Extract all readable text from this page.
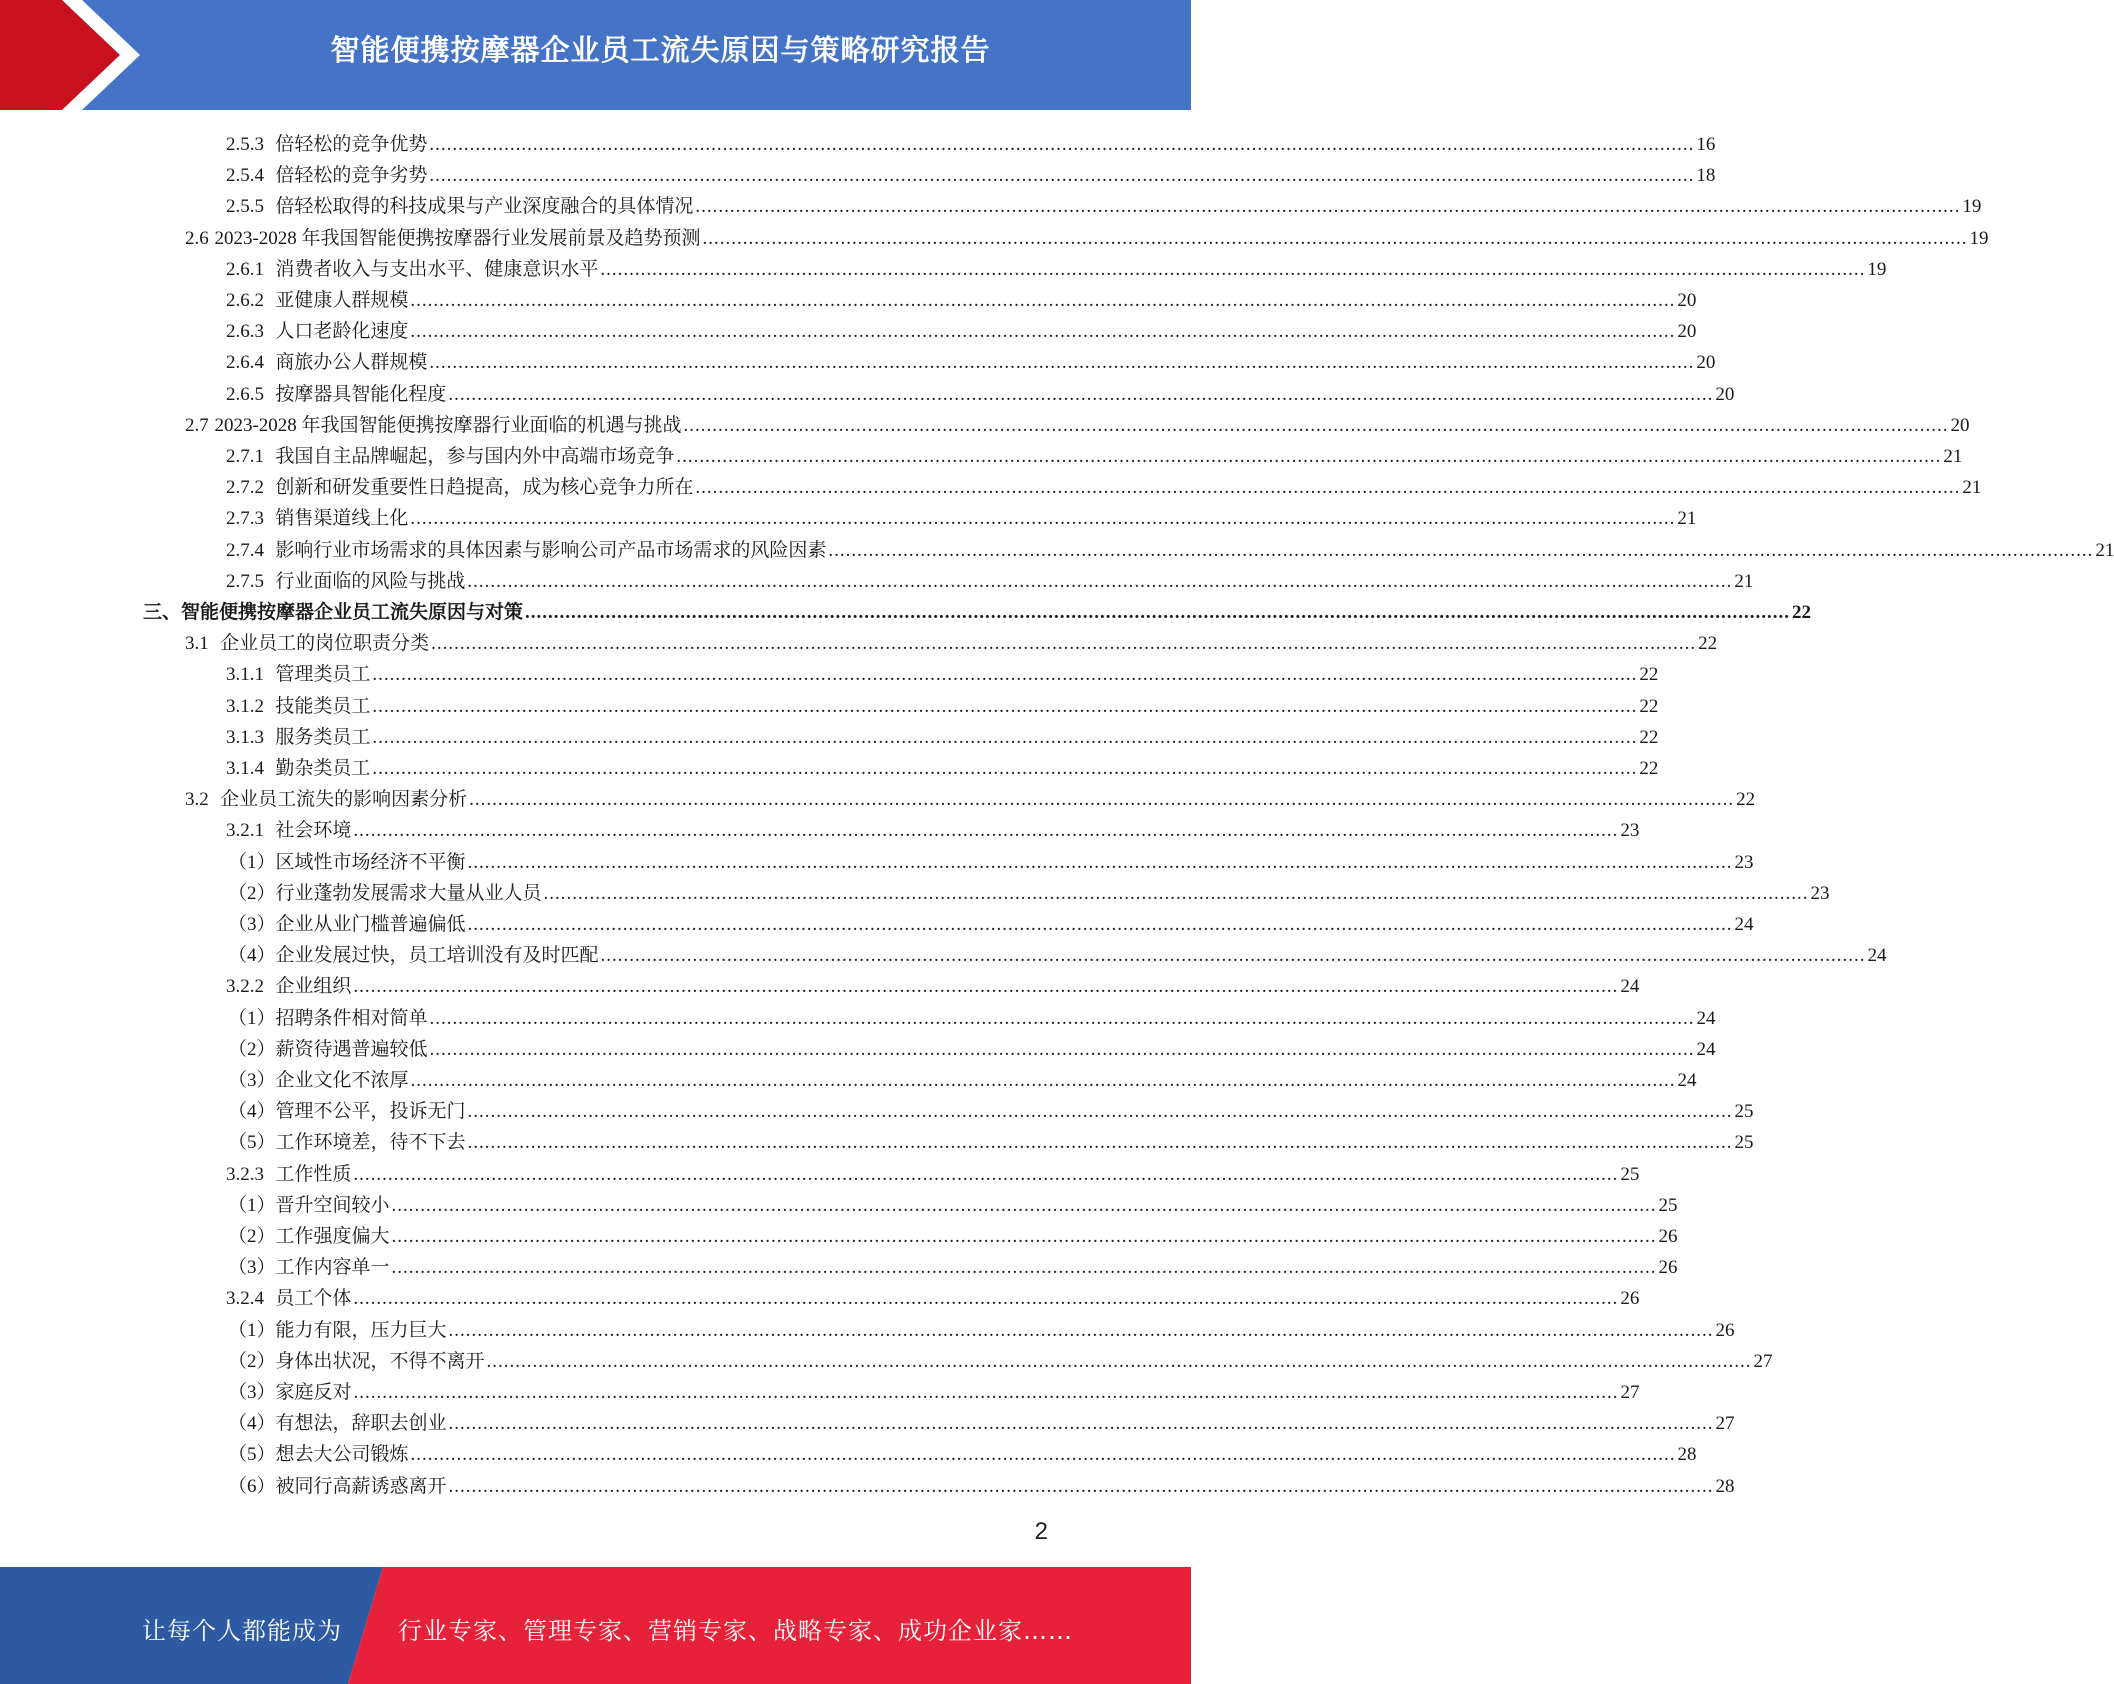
智能便携按摩器企业员工流失原因与策略研究报告
2.5.3 倍轻松的竞争优势 ............................................................................................................................................................................................................................ 16
2.5.4 倍轻松的竞争劣势 ............................................................................................................................................................................................................................ 18
2.5.5 倍轻松取得的科技成果与产业深度融合的具体情况 ............................................................................................................................................................................................................................ 19
2.6 2023-2028 年我国智能便携按摩器行业发展前景及趋势预测 ............................................................................................................................................................................................................................ 19
2.6.1 消费者收入与支出水平、健康意识水平 ............................................................................................................................................................................................................................ 19
2.6.2 亚健康人群规模 ............................................................................................................................................................................................................................ 20
2.6.3 人口老龄化速度 ............................................................................................................................................................................................................................ 20
2.6.4 商旅办公人群规模 ............................................................................................................................................................................................................................ 20
2.6.5 按摩器具智能化程度 ............................................................................................................................................................................................................................ 20
2.7 2023-2028 年我国智能便携按摩器行业面临的机遇与挑战 ............................................................................................................................................................................................................................ 20
2.7.1 我国自主品牌崛起，参与国内外中高端市场竞争 ............................................................................................................................................................................................................................ 21
2.7.2 创新和研发重要性日趋提高，成为核心竞争力所在 ............................................................................................................................................................................................................................ 21
2.7.3 销售渠道线上化 ............................................................................................................................................................................................................................ 21
2.7.4 影响行业市场需求的具体因素与影响公司产品市场需求的风险因素 ............................................................................................................................................................................................................................ 21
2.7.5 行业面临的风险与挑战 ............................................................................................................................................................................................................................ 21
三、 智能便携按摩器企业员工流失原因与对策 ............................................................................................................................................................................................................................ 22
3.1 企业员工的岗位职责分类 ............................................................................................................................................................................................................................ 22
3.1.1 管理类员工 ............................................................................................................................................................................................................................ 22
3.1.2 技能类员工 ............................................................................................................................................................................................................................ 22
3.1.3 服务类员工 ............................................................................................................................................................................................................................ 22
3.1.4 勤杂类员工 ............................................................................................................................................................................................................................ 22
3.2 企业员工流失的影响因素分析 ............................................................................................................................................................................................................................ 22
3.2.1 社会环境 ............................................................................................................................................................................................................................ 23
（1） 区域性市场经济不平衡 ............................................................................................................................................................................................................................ 23
（2） 行业蓬勃发展需求大量从业人员 ............................................................................................................................................................................................................................ 23
（3） 企业从业门槛普遍偏低 ............................................................................................................................................................................................................................ 24
（4） 企业发展过快，员工培训没有及时匹配 ............................................................................................................................................................................................................................ 24
3.2.2 企业组织 ............................................................................................................................................................................................................................ 24
（1） 招聘条件相对简单 ............................................................................................................................................................................................................................ 24
（2） 薪资待遇普遍较低 ............................................................................................................................................................................................................................ 24
（3） 企业文化不浓厚 ............................................................................................................................................................................................................................ 24
（4） 管理不公平，投诉无门 ............................................................................................................................................................................................................................ 25
（5） 工作环境差，待不下去 ............................................................................................................................................................................................................................ 25
3.2.3 工作性质 ............................................................................................................................................................................................................................ 25
（1） 晋升空间较小 ............................................................................................................................................................................................................................ 25
（2） 工作强度偏大 ............................................................................................................................................................................................................................ 26
（3） 工作内容单一 ............................................................................................................................................................................................................................ 26
3.2.4 员工个体 ............................................................................................................................................................................................................................ 26
（1） 能力有限，压力巨大 ............................................................................................................................................................................................................................ 26
（2） 身体出状况，不得不离开 ............................................................................................................................................................................................................................ 27
（3） 家庭反对 ............................................................................................................................................................................................................................ 27
（4） 有想法，辞职去创业 ............................................................................................................................................................................................................................ 27
（5） 想去大公司锻炼 ............................................................................................................................................................................................................................ 28
（6） 被同行高薪诱惑离开 ............................................................................................................................................................................................................................ 28
2
让每个人都能成为 行业专家、管理专家、营销专家、战略专家、成功企业家……
